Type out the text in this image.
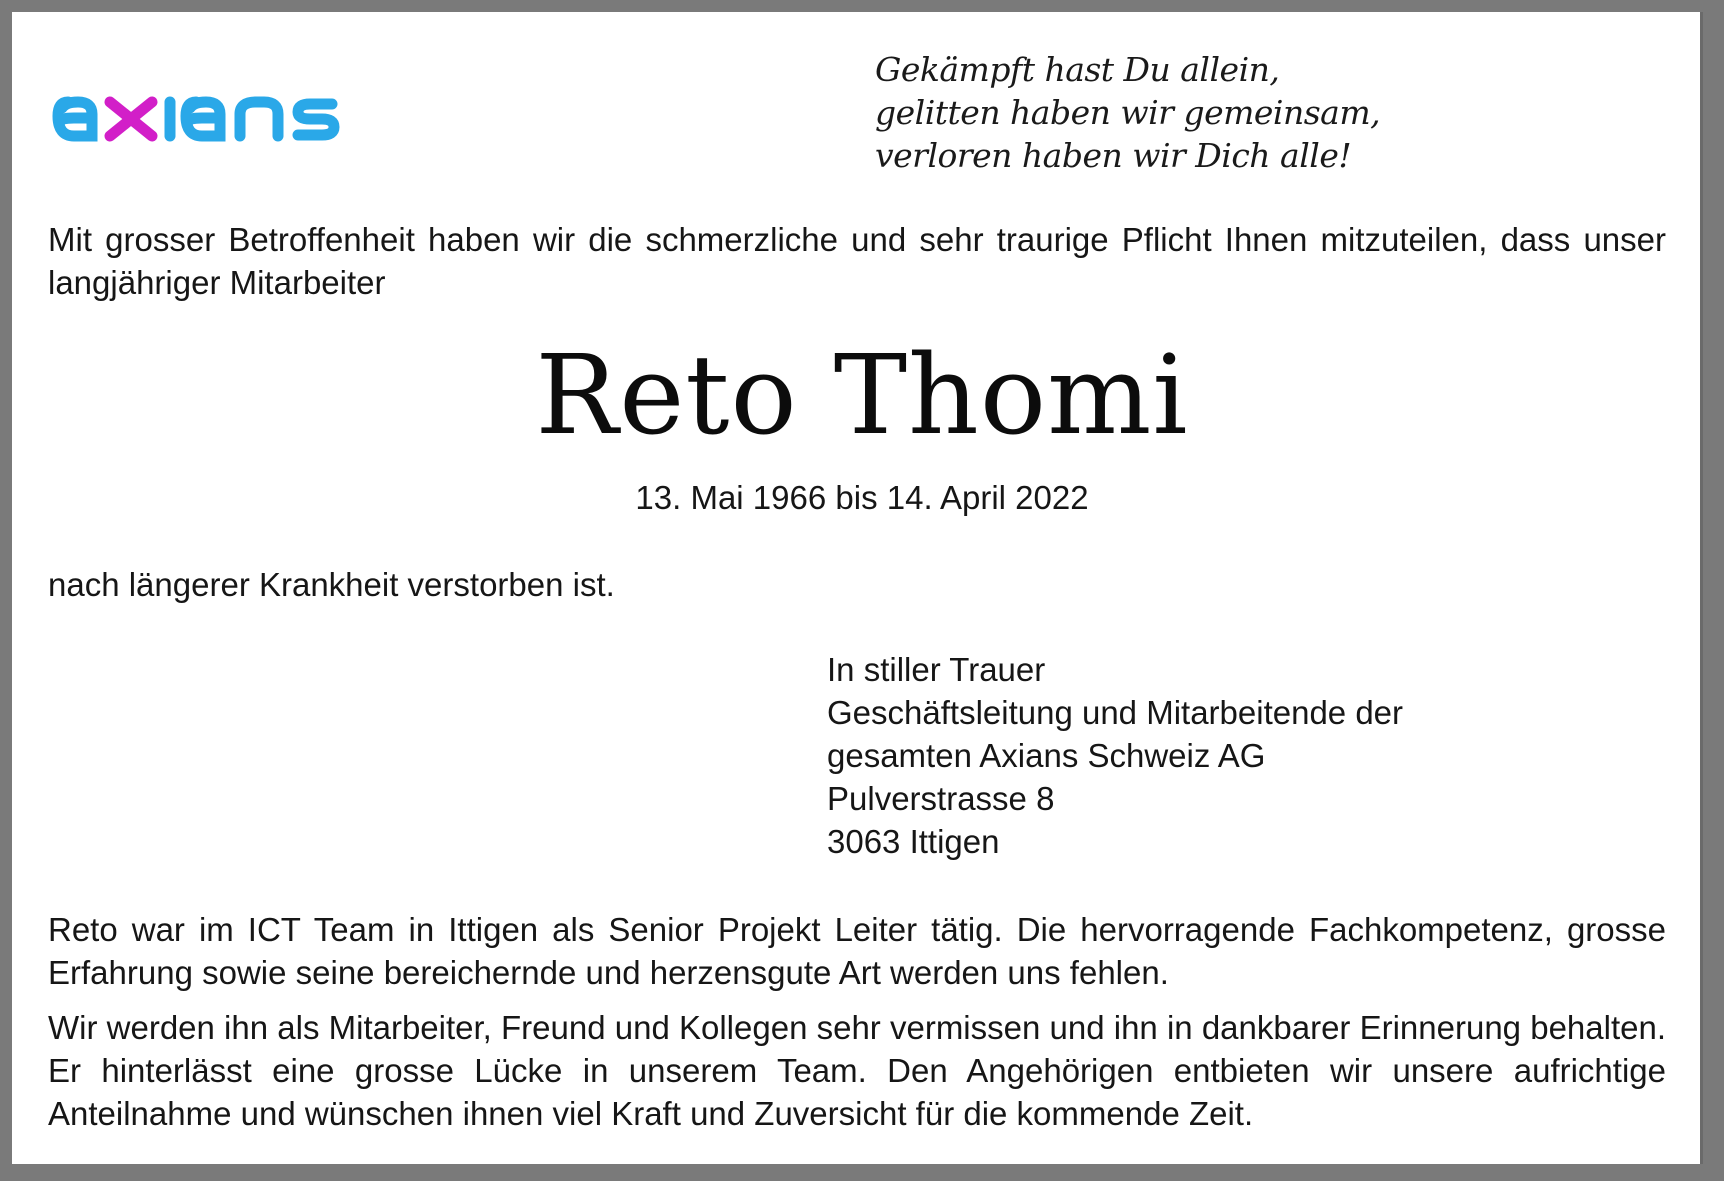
Gekämpft hast Du allein,
gelitten haben wir gemeinsam,
verloren haben wir Dich alle!
Mit grosser Betroffenheit haben wir die schmerzliche und sehr traurige Pflicht Ihnen mitzuteilen, dass unser langjähriger Mitarbeiter
Reto Thomi
13. Mai 1966 bis 14. April 2022
nach längerer Krankheit verstorben ist.
In stiller Trauer
Geschäftsleitung und Mitarbeitende der
gesamten Axians Schweiz AG
Pulverstrasse 8
3063 Ittigen
Reto war im ICT Team in Ittigen als Senior Projekt Leiter tätig. Die hervorragende Fachkompetenz, grosse Erfahrung sowie seine bereichernde und herzensgute Art werden uns fehlen.
Wir werden ihn als Mitarbeiter, Freund und Kollegen sehr vermissen und ihn in dankbarer Erinnerung behalten. Er hinterlässt eine grosse Lücke in unserem Team. Den Angehörigen entbieten wir unsere aufrichtige Anteilnahme und wünschen ihnen viel Kraft und Zuversicht für die kommende Zeit.
